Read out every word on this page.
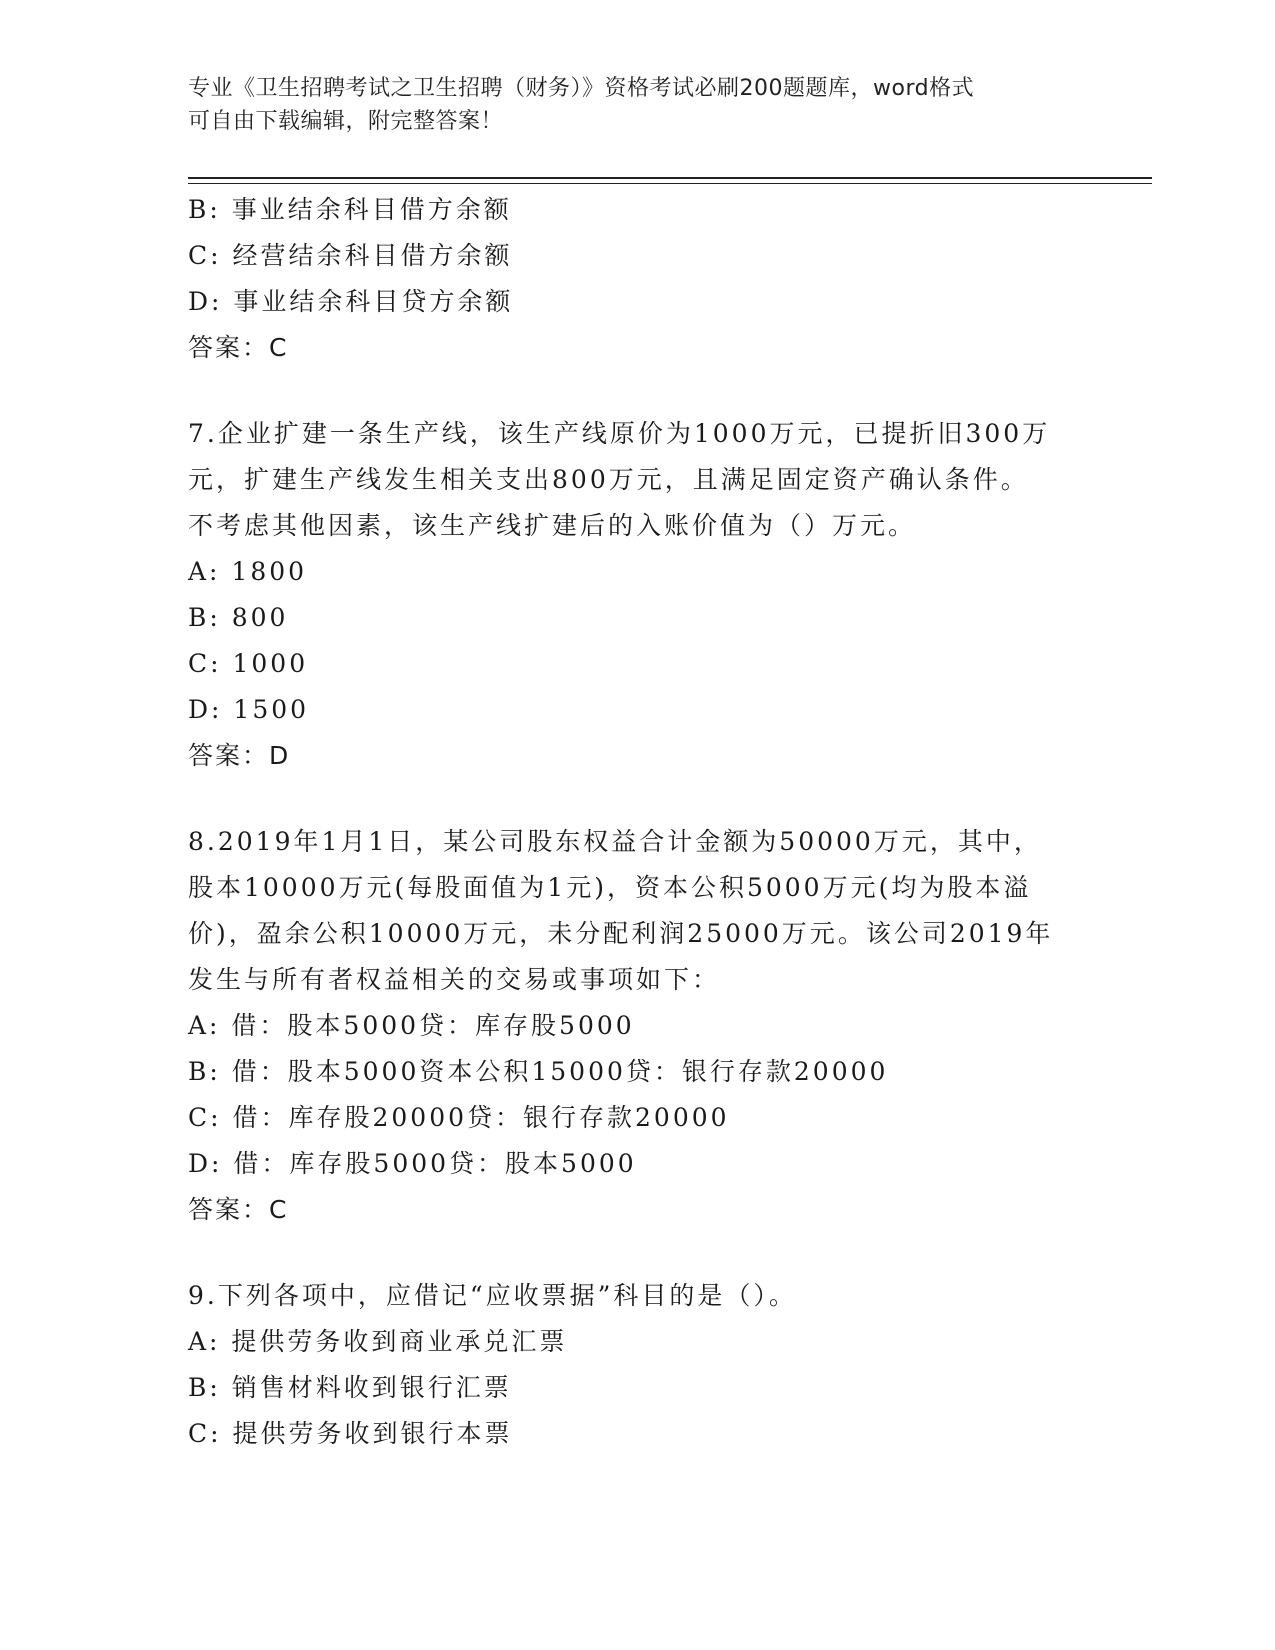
专业《卫生招聘考试之卫生招聘（财务）》资格考试必刷200题题库，word格式
可自由下载编辑，附完整答案！
B: 事业结余科目借方余额
C: 经营结余科目借方余额
D: 事业结余科目贷方余额
答案：C
7.企业扩建一条生产线，该生产线原价为1000万元，已提折旧300万
元，扩建生产线发生相关支出800万元，且满足固定资产确认条件。
不考虑其他因素，该生产线扩建后的入账价值为（）万元。
A: 1800
B: 800
C: 1000
D: 1500
答案：D
8.2019年1月1日，某公司股东权益合计金额为50000万元，其中，
股本10000万元(每股面值为1元)，资本公积5000万元(均为股本溢
价)，盈余公积10000万元，未分配利润25000万元。该公司2019年
发生与所有者权益相关的交易或事项如下：
A: 借：股本5000贷：库存股5000
B: 借：股本5000资本公积15000贷：银行存款20000
C: 借：库存股20000贷：银行存款20000
D: 借：库存股5000贷：股本5000
答案：C
9.下列各项中，应借记“应收票据”科目的是（）。
A: 提供劳务收到商业承兑汇票
B: 销售材料收到银行汇票
C: 提供劳务收到银行本票
